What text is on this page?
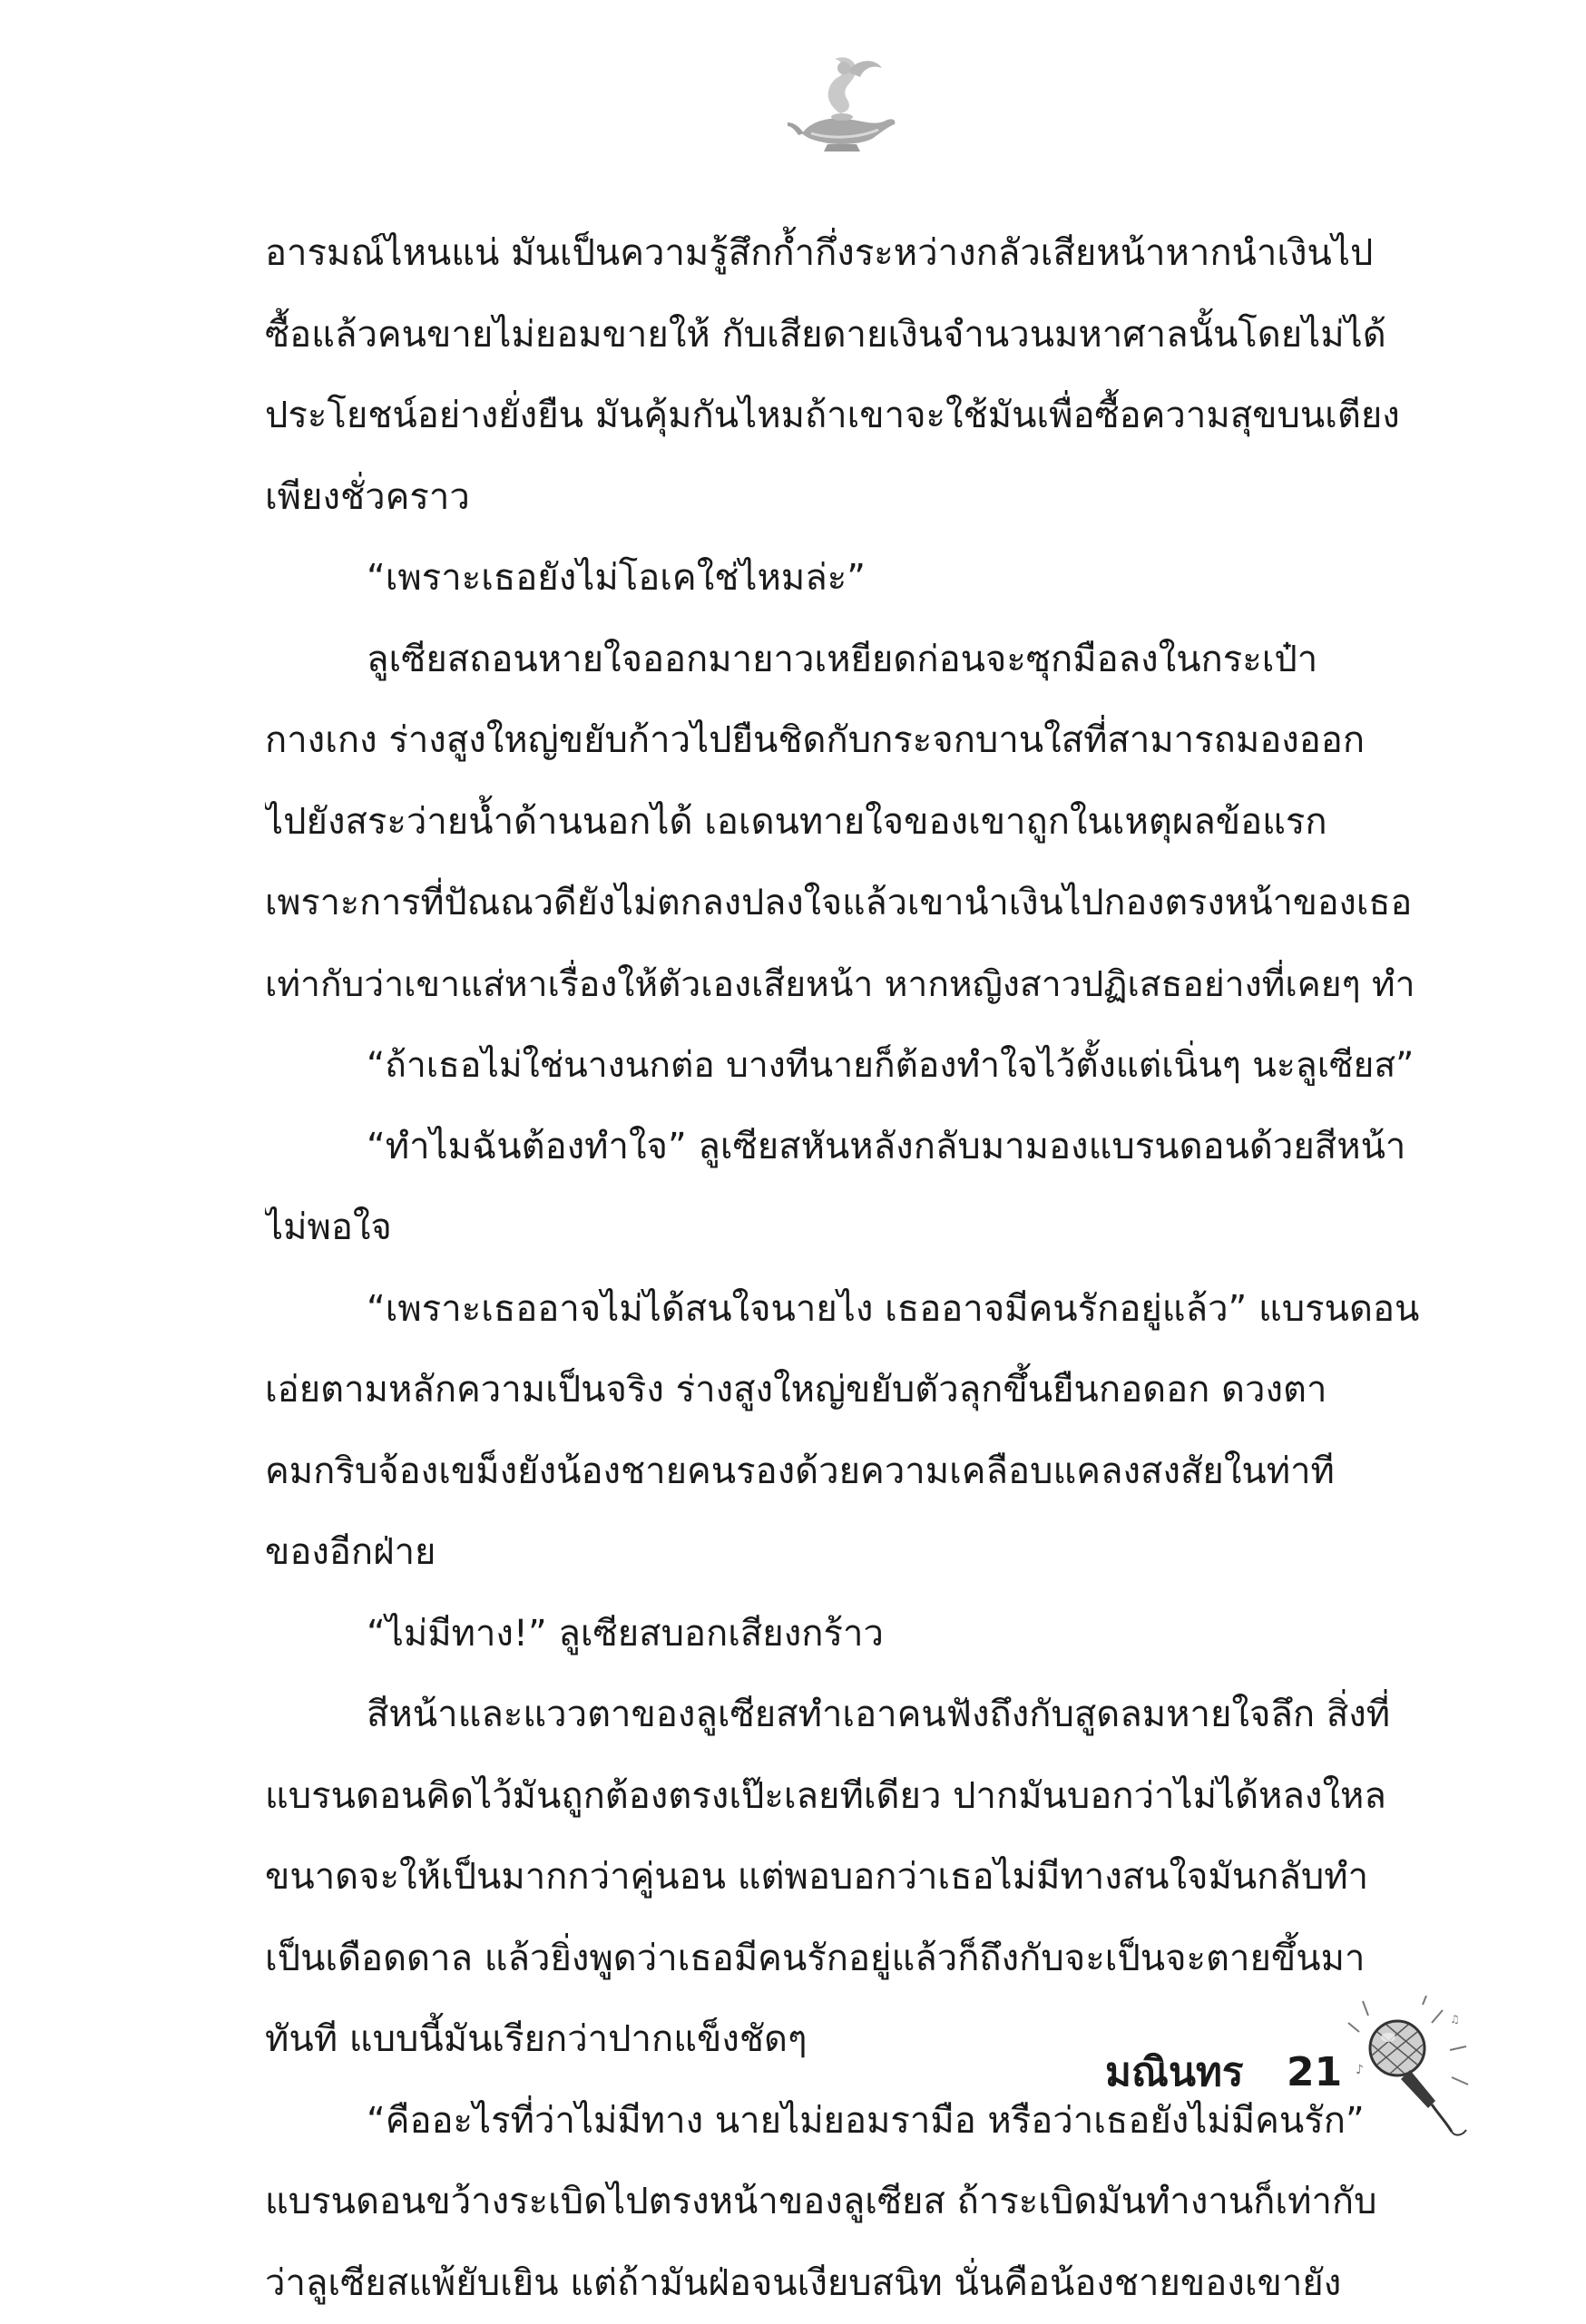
อารมณ์ไหนแน่ มันเป็นความรู้สึกก้ำกึ่งระหว่างกลัวเสียหน้าหากนำเงินไป
ซื้อแล้วคนขายไม่ยอมขายให้ กับเสียดายเงินจำนวนมหาศาลนั้นโดยไม่ได้
ประโยชน์อย่างยั่งยืน มันคุ้มกันไหมถ้าเขาจะใช้มันเพื่อซื้อความสุขบนเตียง
เพียงชั่วคราว
“เพราะเธอยังไม่โอเคใช่ไหมล่ะ”
ลูเซียสถอนหายใจออกมายาวเหยียดก่อนจะซุกมือลงในกระเป๋า
กางเกง ร่างสูงใหญ่ขยับก้าวไปยืนชิดกับกระจกบานใสที่สามารถมองออก
ไปยังสระว่ายน้ำด้านนอกได้ เอเดนทายใจของเขาถูกในเหตุผลข้อแรก
เพราะการที่ปัณณวดียังไม่ตกลงปลงใจแล้วเขานำเงินไปกองตรงหน้าของเธอ
เท่ากับว่าเขาแส่หาเรื่องให้ตัวเองเสียหน้า หากหญิงสาวปฏิเสธอย่างที่เคยๆ ทำ
“ถ้าเธอไม่ใช่นางนกต่อ บางทีนายก็ต้องทำใจไว้ตั้งแต่เนิ่นๆ นะลูเซียส”
“ทำไมฉันต้องทำใจ” ลูเซียสหันหลังกลับมามองแบรนดอนด้วยสีหน้า
ไม่พอใจ
“เพราะเธออาจไม่ได้สนใจนายไง เธออาจมีคนรักอยู่แล้ว” แบรนดอน
เอ่ยตามหลักความเป็นจริง ร่างสูงใหญ่ขยับตัวลุกขึ้นยืนกอดอก ดวงตา
คมกริบจ้องเขม็งยังน้องชายคนรองด้วยความเคลือบแคลงสงสัยในท่าที
ของอีกฝ่าย
“ไม่มีทาง!” ลูเซียสบอกเสียงกร้าว
สีหน้าและแววตาของลูเซียสทำเอาคนฟังถึงกับสูดลมหายใจลึก สิ่งที่
แบรนดอนคิดไว้มันถูกต้องตรงเป๊ะเลยทีเดียว ปากมันบอกว่าไม่ได้หลงใหล
ขนาดจะให้เป็นมากกว่าคู่นอน แต่พอบอกว่าเธอไม่มีทางสนใจมันกลับทำ
เป็นเดือดดาล แล้วยิ่งพูดว่าเธอมีคนรักอยู่แล้วก็ถึงกับจะเป็นจะตายขึ้นมา
ทันที แบบนี้มันเรียกว่าปากแข็งชัดๆ
“คืออะไรที่ว่าไม่มีทาง นายไม่ยอมรามือ หรือว่าเธอยังไม่มีคนรัก”
แบรนดอนขว้างระเบิดไปตรงหน้าของลูเซียส ถ้าระเบิดมันทำงานก็เท่ากับ
ว่าลูเซียสแพ้ยับเยิน แต่ถ้ามันฝ่อจนเงียบสนิท นั่นคือน้องชายของเขายัง
มณินทร 21 ♪
♫
